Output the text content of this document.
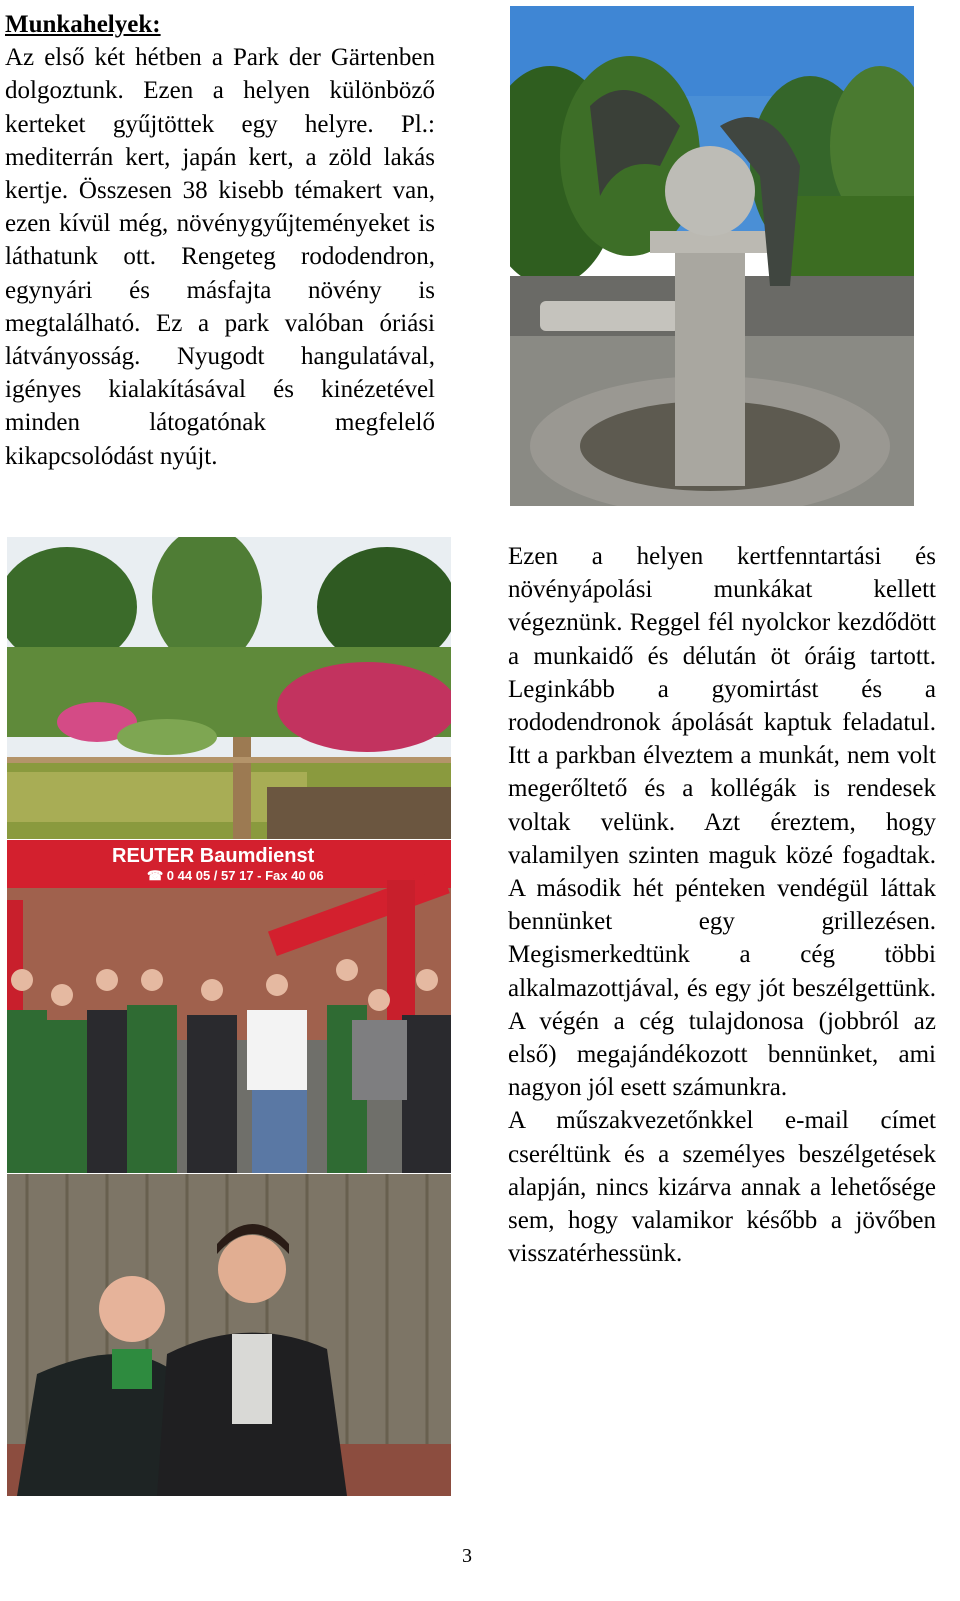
Munkahelyek:

Az első két hétben a Park der Gärtenben dolgoztunk. Ezen a helyen különböző kerteket gyűjtöttek egy helyre. Pl.: mediterrán kert, japán kert, a zöld lakás kertje. Összesen 38 kisebb témakert van, ezen kívül még, növénygyűjteményeket is láthatunk ott. Rengeteg rododendron, egynyári és másfajta növény is megtalálható. Ez a park valóban óriási látványosság. Nyugodt hangulatával, igényes kialakításával és kinézetével minden látogatónak megfelelő kikapcsolódást nyújt.

Ezen a helyen kertfenntartási és növényápolási munkákat kellett végeznünk. Reggel fél nyolckor kezdődött a munkaidő és délután öt óráig tartott. Leginkább a gyomirtást és a rododendronok ápolását kaptuk feladatul. Itt a parkban élveztem a munkát, nem volt megerőltető és a kollégák is rendesek voltak velünk. Azt éreztem, hogy valamilyen szinten maguk közé fogadtak. A második hét pénteken vendégül láttak bennünket egy grillezésen. Megismerkedtünk a cég többi alkalmazottjával, és egy jót beszélgettünk. A végén a cég tulajdonosa (jobbról az első) megajándékozott bennünket, ami nagyon jól esett számunkra.

A műszakvezetőnkkel e-mail címet cseréltünk és a személyes beszélgetések alapján, nincs kizárva annak a lehetősége sem, hogy valamikor később a jövőben visszatérhessünk.

REUTER Baumdienst
☎ 0 44 05 / 57 17 - Fax 40 06
3
